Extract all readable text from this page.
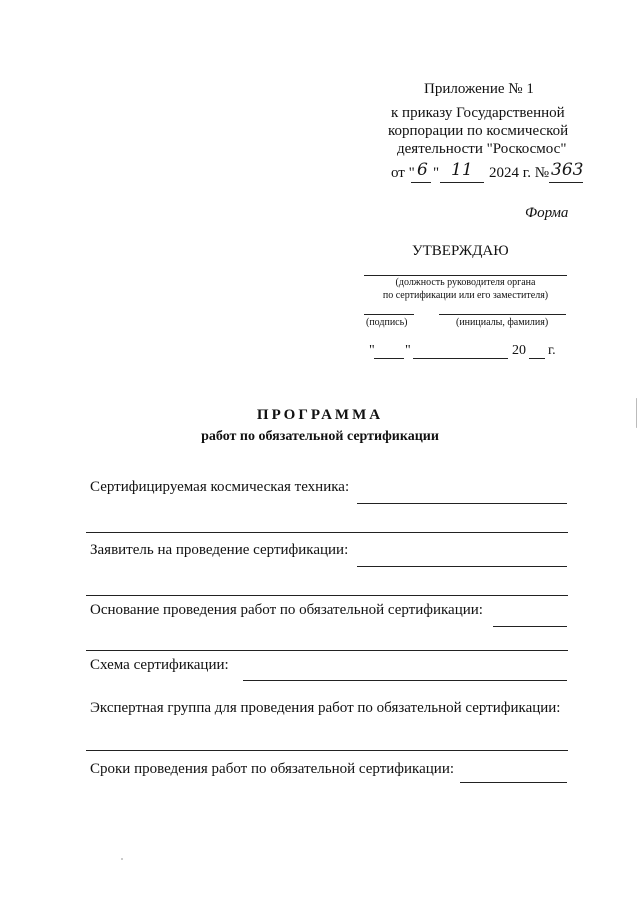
Приложение № 1
к приказу Государственной
корпорации по космической
деятельности "Роскосмос"
от " 6 " 11 2024 г. № 363
Форма
УТВЕРЖДАЮ
(должность руководителя органа
по сертификации или его заместителя)
(подпись)	(инициалы, фамилия)
" "	20 г.
ПРОГРАММА
работ по обязательной сертификации
Сертифицируемая космическая техника:
Заявитель на проведение сертификации:
Основание проведения работ по обязательной сертификации:
Схема сертификации:
Экспертная группа для проведения работ по обязательной сертификации:
Сроки проведения работ по обязательной сертификации:
